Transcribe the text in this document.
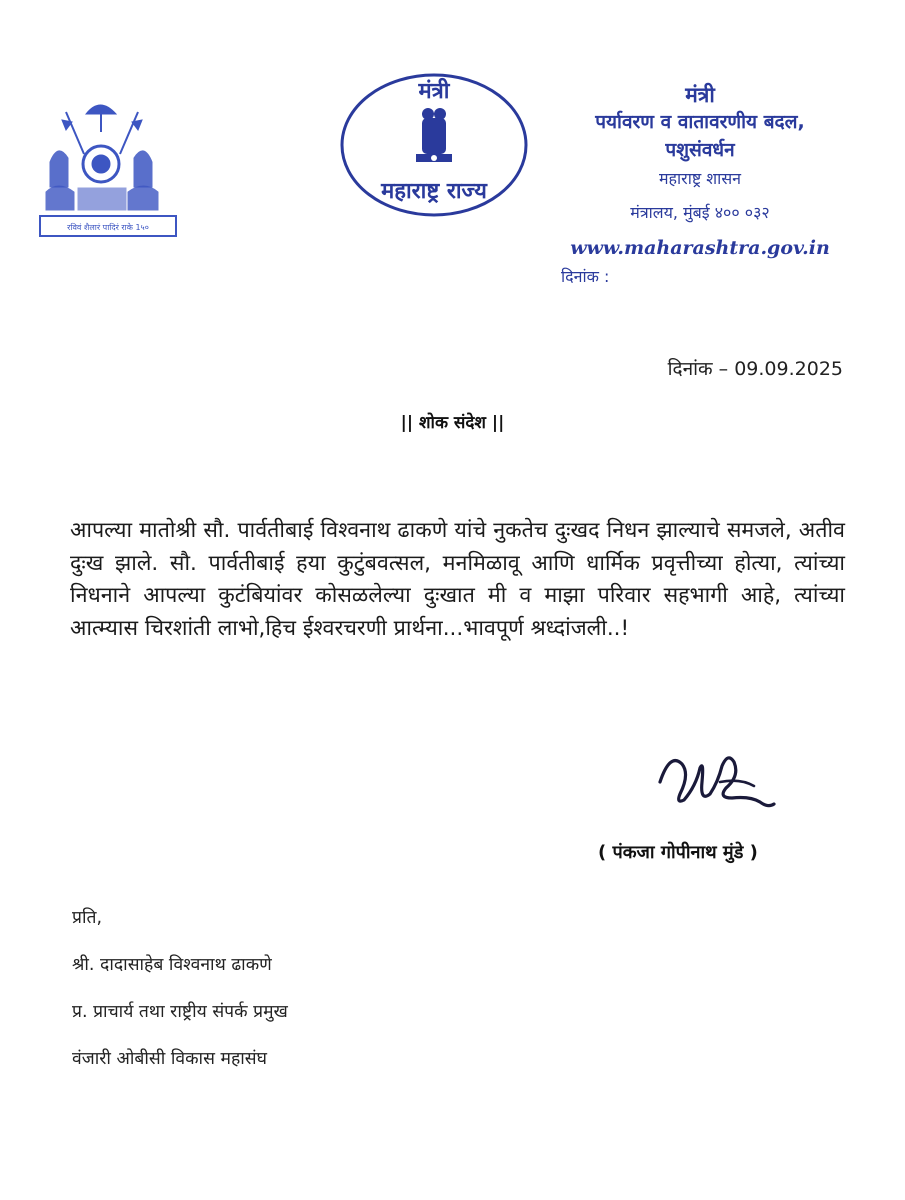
रविवं शैलारं पादिरं राके 1५०
मंत्री
महाराष्ट्र राज्य
मंत्री
पर्यावरण व वातावरणीय बदल,
पशुसंवर्धन
महाराष्ट्र शासन
मंत्रालय, मुंबई ४०० ०३२
www.maharashtra.gov.in
दिनांक :
दिनांक – 09.09.2025
|| शोक संदेश ||
आपल्या मातोश्री सौ. पार्वतीबाई विश्वनाथ ढाकणे यांचे नुकतेच दुःखद निधन झाल्याचे समजले, अतीव दुःख झाले. सौ. पार्वतीबाई हया कुटुंबवत्सल, मनमिळावू आणि धार्मिक प्रवृत्तीच्या होत्या, त्यांच्या निधनाने आपल्या कुटंबियांवर कोसळलेल्या दुःखात मी व माझा परिवार सहभागी आहे, त्यांच्या आत्म्यास चिरशांती लाभो,हिच ईश्वरचरणी प्रार्थना...भावपूर्ण श्रध्दांजली..!
( पंकजा गोपीनाथ मुंडे )
प्रति,
श्री. दादासाहेब विश्वनाथ ढाकणे
प्र. प्राचार्य तथा राष्ट्रीय संपर्क प्रमुख
वंजारी ओबीसी विकास महासंघ
